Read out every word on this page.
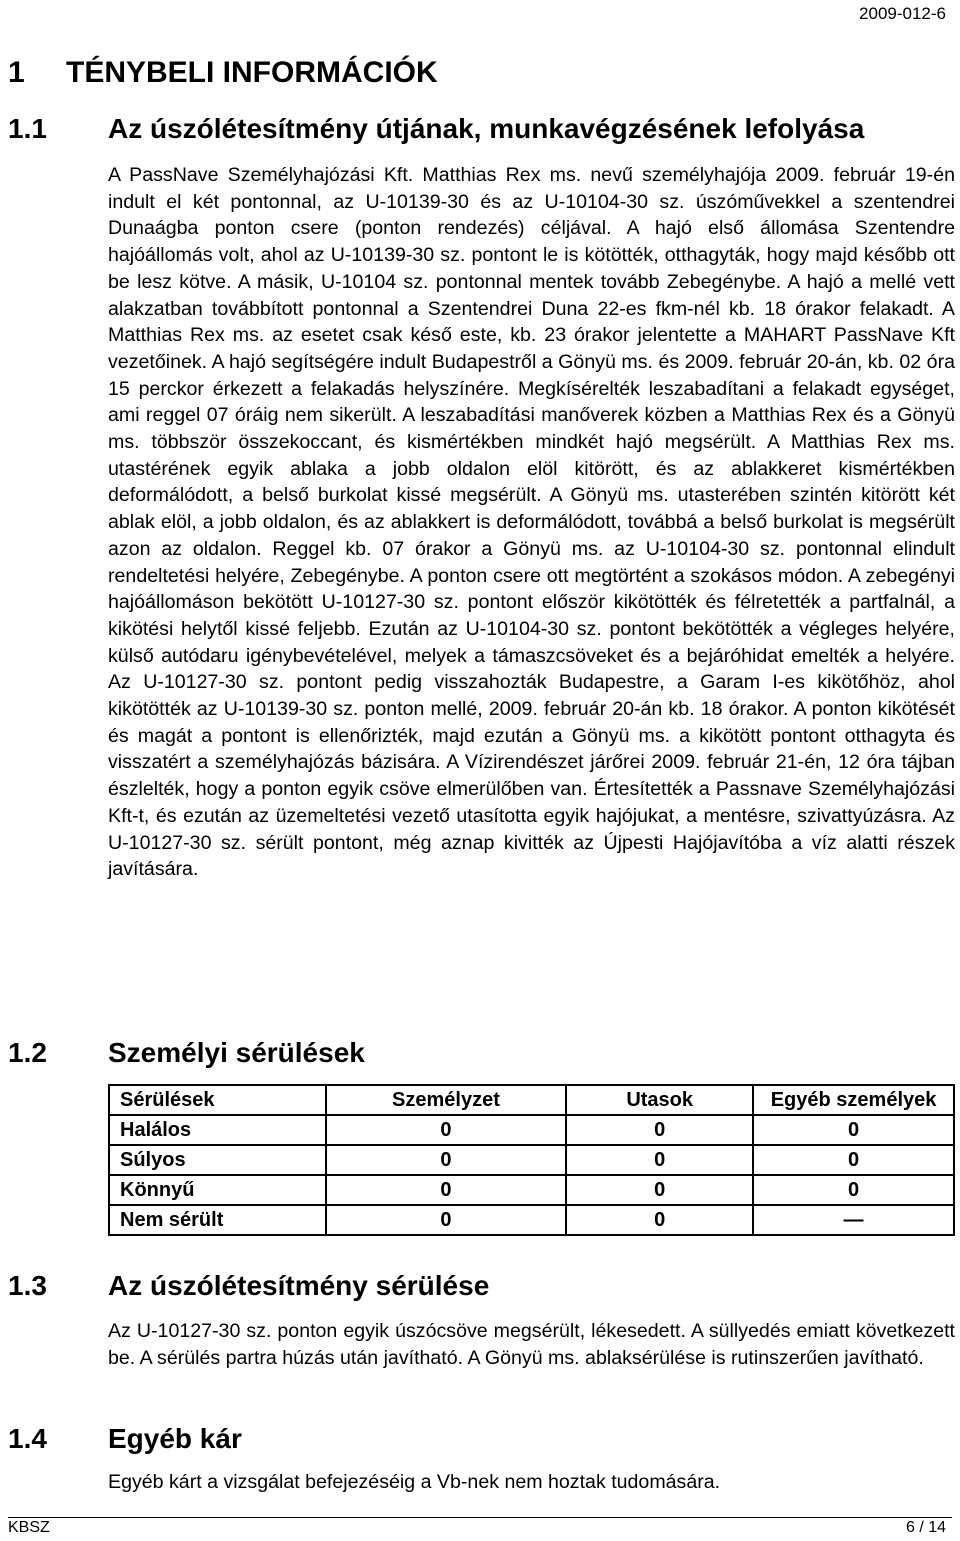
2009-012-6
1 TÉNYBELI INFORMÁCIÓK
1.1 Az úszólétesítmény útjának, munkavégzésének lefolyása

A PassNave Személyhajózási Kft. Matthias Rex ms. nevű személyhajója 2009. február 19-én indult el két pontonnal, az U-10139-30 és az U-10104-30 sz. úszóművekkel a szentendrei Dunaágba ponton csere (ponton rendezés) céljával. A hajó első állomása Szentendre hajóállomás volt, ahol az U-10139-30 sz. pontont le is kötötték, otthagyták, hogy majd később ott be lesz kötve. A másik, U-10104 sz. pontonnal mentek tovább Zebegénybe. A hajó a mellé vett alakzatban továbbított pontonnal a Szentendrei Duna 22-es fkm-nél kb. 18 órakor felakadt. A Matthias Rex ms. az esetet csak késő este, kb. 23 órakor jelentette a MAHART PassNave Kft vezetőinek. A hajó segítségére indult Budapestről a Gönyü ms. és 2009. február 20-án, kb. 02 óra 15 perckor érkezett a felakadás helyszínére. Megkísérelték leszabadítani a felakadt egységet, ami reggel 07 óráig nem sikerült. A leszabadítási manőverek közben a Matthias Rex és a Gönyü ms. többször összekoccant, és kismértékben mindkét hajó megsérült. A Matthias Rex ms. utastérének egyik ablaka a jobb oldalon elöl kitörött, és az ablakkeret kismértékben deformálódott, a belső burkolat kissé megsérült. A Gönyü ms. utasterében szintén kitörött két ablak elöl, a jobb oldalon, és az ablakkert is deformálódott, továbbá a belső burkolat is megsérült azon az oldalon. Reggel kb. 07 órakor a Gönyü ms. az U-10104-30 sz. pontonnal elindult rendeltetési helyére, Zebegénybe. A ponton csere ott megtörtént a szokásos módon. A zebegényi hajóállomáson bekötött U-10127-30 sz. pontont először kikötötték és félretették a partfalnál, a kikötési helytől kissé feljebb. Ezután az U-10104-30 sz. pontont bekötötték a végleges helyére, külső autódaru igénybevételével, melyek a támaszcsöveket és a bejáróhidat emelték a helyére. Az U-10127-30 sz. pontont pedig visszahozták Budapestre, a Garam I-es kikötőhöz, ahol kikötötték az U-10139-30 sz. ponton mellé, 2009. február 20-án kb. 18 órakor. A ponton kikötését és magát a pontont is ellenőrizték, majd ezután a Gönyü ms. a kikötött pontont otthagyta és visszatért a személyhajózás bázisára. A Vízirendészet járőrei 2009. február 21-én, 12 óra tájban észlelték, hogy a ponton egyik csöve elmerülőben van. Értesítették a Passnave Személyhajózási Kft-t, és ezután az üzemeltetési vezető utasította egyik hajójukat, a mentésre, szivattyúzásra. Az U-10127-30 sz. sérült pontont, még aznap kivitték az Újpesti Hajójavítóba a víz alatti részek javítására.

1.2 Személyi sérülések
Sérülések	Személyzet	Utasok	Egyéb személyek
Halálos	0	0	0
Súlyos	0	0	0
Könnyű	0	0	0
Nem sérült	0	0	—
1.3 Az úszólétesítmény sérülése

Az U-10127-30 sz. ponton egyik úszócsöve megsérült, lékesedett. A süllyedés emiatt következett be. A sérülés partra húzás után javítható. A Gönyü ms. ablaksérülése is rutinszerűen javítható.

1.4 Egyéb kár

Egyéb kárt a vizsgálat befejezéséig a Vb-nek nem hoztak tudomására.

KBSZ	6 / 14
